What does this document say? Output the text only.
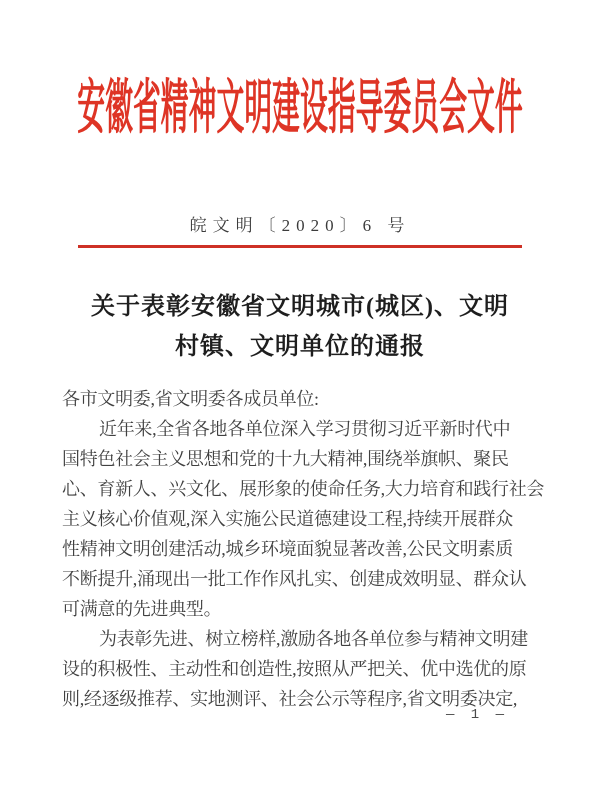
安徽省精神文明建设指导委员会文件
皖文明〔2020〕6 号
关于表彰安徽省文明城市(城区)、文明
村镇、文明单位的通报
各市文明委,省文明委各成员单位:
近年来,全省各地各单位深入学习贯彻习近平新时代中
国特色社会主义思想和党的十九大精神,围绕举旗帜、聚民
心、育新人、兴文化、展形象的使命任务,大力培育和践行社会
主义核心价值观,深入实施公民道德建设工程,持续开展群众
性精神文明创建活动,城乡环境面貌显著改善,公民文明素质
不断提升,涌现出一批工作作风扎实、创建成效明显、群众认
可满意的先进典型。
为表彰先进、树立榜样,激励各地各单位参与精神文明建
设的积极性、主动性和创造性,按照从严把关、优中选优的原
则,经逐级推荐、实地测评、社会公示等程序,省文明委决定,
— 1 —
